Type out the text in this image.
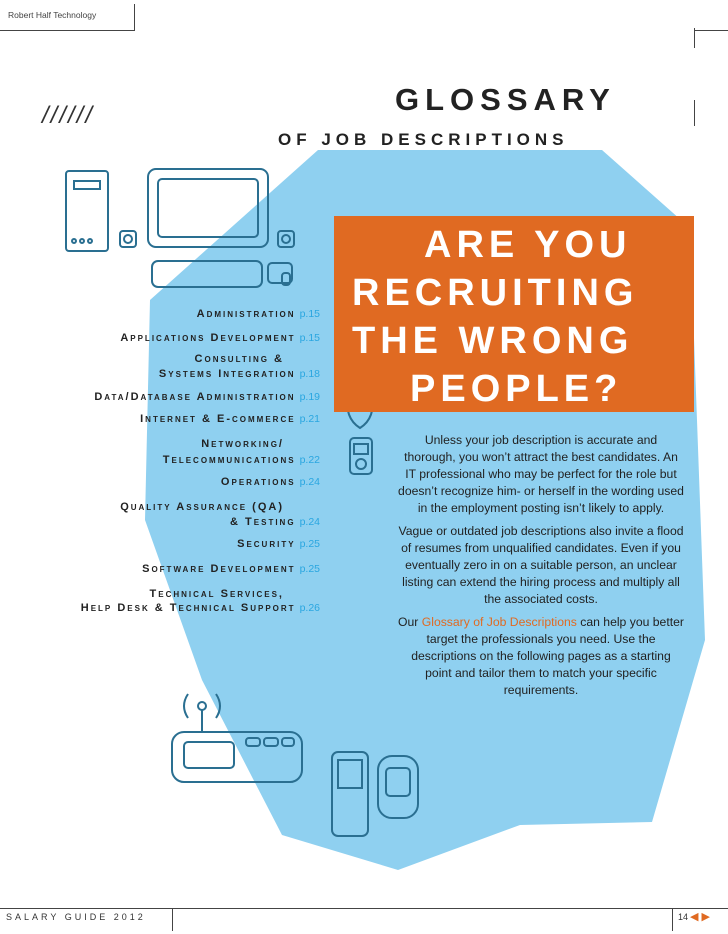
Robert Half Technology
//////	GLOSSARY
OF JOB DESCRIPTIONS
ARE YOU
RECRUITING
THE WRONG
PEOPLE?
Administration p.15
Applications Development p.15
Consulting &
Systems Integration p.18
Data/Database Administration p.19
Internet & E-commerce p.21
Networking/
Telecommunications p.22
Operations p.24
Quality Assurance (QA)
& Testing p.24
Security p.25
Software Development p.25
Technical Services,
Help Desk & Technical Support p.26

Unless your job description is accurate and thorough, you won’t attract the best candidates. An IT professional who may be perfect for the role but doesn’t recognize him- or herself in the wording used in the employment posting isn’t likely to apply.

Vague or outdated job descriptions also invite a flood of resumes from unqualified candidates. Even if you eventually zero in on a suitable person, an unclear listing can extend the hiring process and multiply all the associated costs.

Our Glossary of Job Descriptions can help you better target the professionals you need. Use the descriptions on the following pages as a starting point and tailor them to match your specific requirements.

SALARY GUIDE 2012	14 ◀ ▶
